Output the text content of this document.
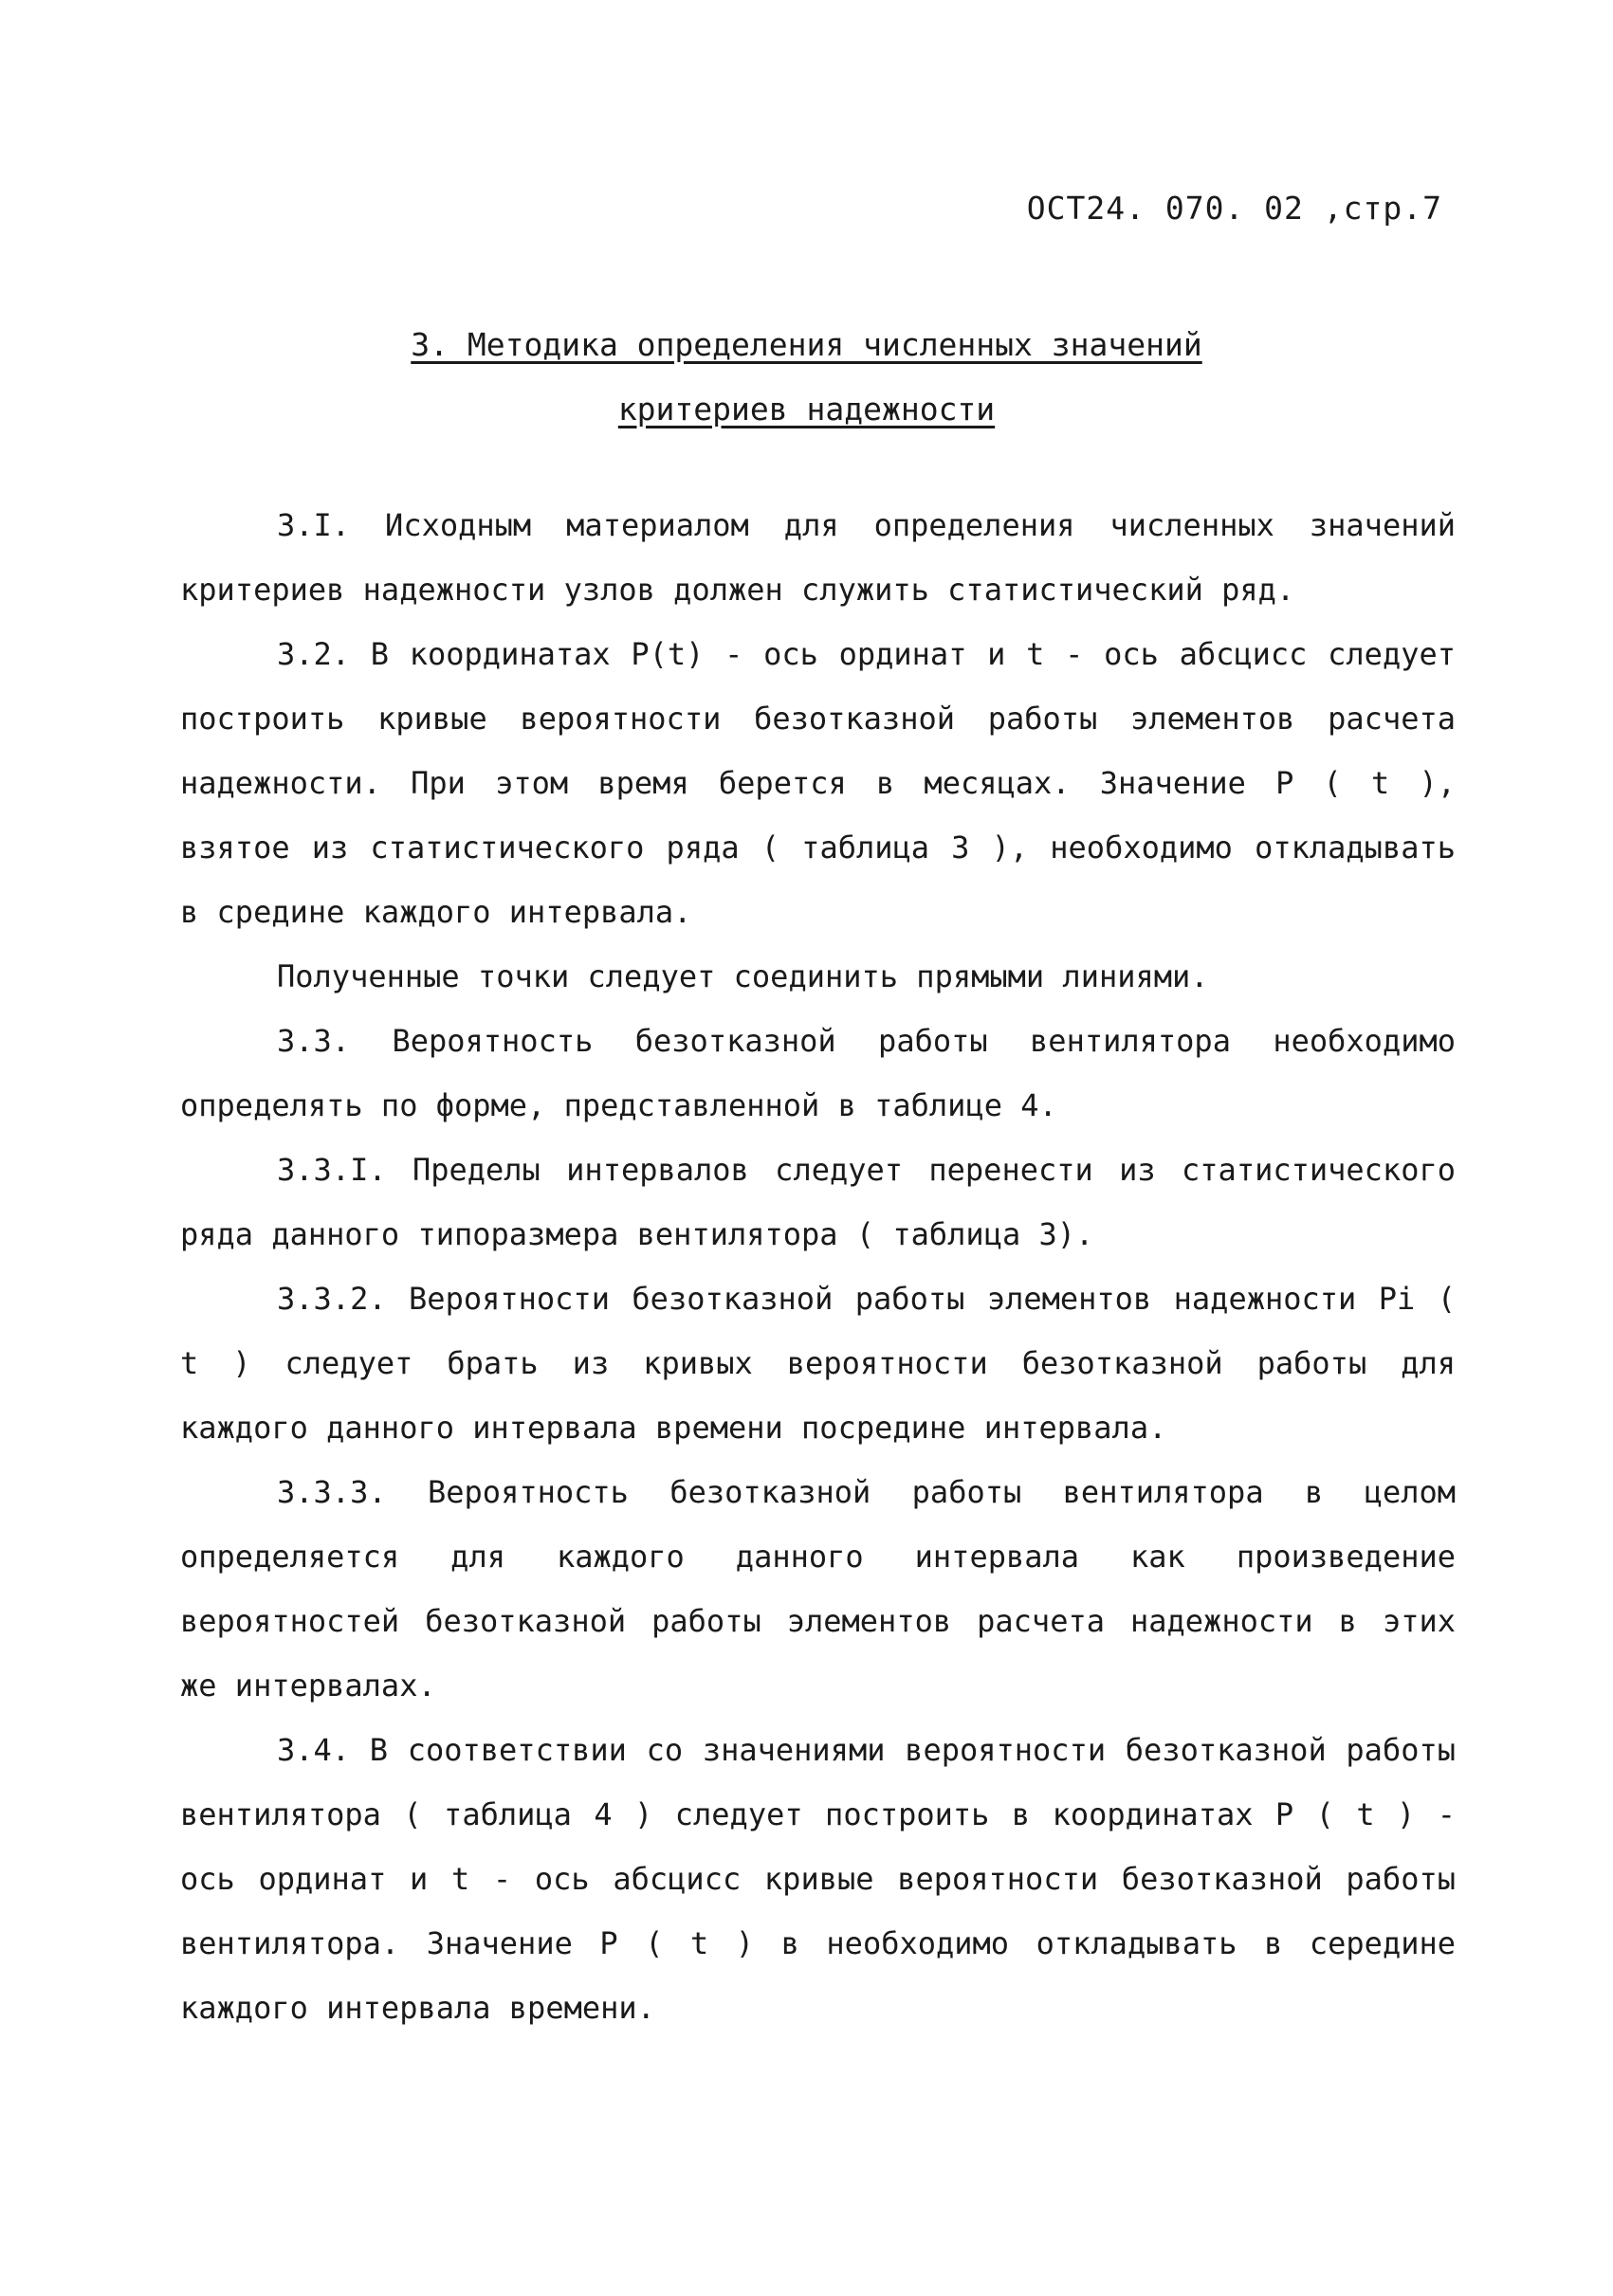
ОСТ24. 070. 02 ,стр.7
3. Методика определения численных значений
критериев надежности

3.I. Исходным материалом для определения численных значений критериев надежности узлов должен служить статистический ряд.

3.2. В координатах P(t) - ось ординат и t - ось абсцисс следует построить кривые вероятности безотказной работы элементов расчета надежности. При этом время берется в месяцах. Значение P ( t ), взятое из статистического ряда ( таблица 3 ), необходимо откладывать в средине каждого интервала.

Полученные точки следует соединить прямыми линиями.

3.3. Вероятность безотказной работы вентилятора необходимо определять по форме, представленной в таблице 4.

3.3.I. Пределы интервалов следует перенести из статистического ряда данного типоразмера вентилятора ( таблица 3).

3.3.2. Вероятности безотказной работы элементов надежности Pi ( t ) следует брать из кривых вероятности безотказной работы для каждого данного интервала времени посредине интервала.

3.3.3. Вероятность безотказной работы вентилятора в целом определяется для каждого данного интервала как произведение вероятностей безотказной работы элементов расчета надежности в этих же интервалах.

3.4. В соответствии со значениями вероятности безотказной работы вентилятора ( таблица 4 ) следует построить в координатах P ( t ) - ось ординат и t - ось абсцисс кривые вероятности безотказной работы вентилятора. Значение P ( t ) в необходимо откладывать в середине каждого интервала времени.
